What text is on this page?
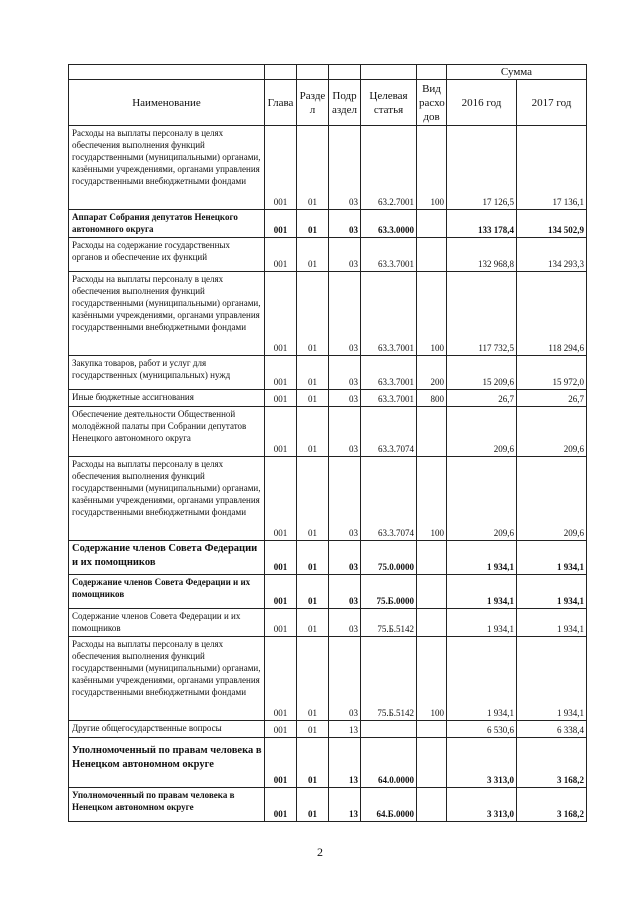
						Сумма	
Наименование	Глава	Разде л	Подр аздел	Целевая статья	Вид расхо дов	2016 год	2017 год
Расходы на выплаты персоналу в целях обеспечения выполнения функций государственными (муниципальными) органами, казёнными учреждениями, органами управления государственными внебюджетными фондами	001	01	03	63.2.7001	100	17 126,5	17 136,1
Аппарат Собрания депутатов Ненецкого автономного округа	001	01	03	63.3.0000		133 178,4	134 502,9
Расходы на содержание государственных органов и обеспечение их функций	001	01	03	63.3.7001		132 968,8	134 293,3
Расходы на выплаты персоналу в целях обеспечения выполнения функций государственными (муниципальными) органами, казёнными учреждениями, органами управления государственными внебюджетными фондами	001	01	03	63.3.7001	100	117 732,5	118 294,6
Закупка товаров, работ и услуг для государственных (муниципальных) нужд	001	01	03	63.3.7001	200	15 209,6	15 972,0
Иные бюджетные ассигнования	001	01	03	63.3.7001	800	26,7	26,7
Обеспечение деятельности Общественной молодёжной палаты при Собрании депутатов Ненецкого автономного округа	001	01	03	63.3.7074		209,6	209,6
Расходы на выплаты персоналу в целях обеспечения выполнения функций государственными (муниципальными) органами, казёнными учреждениями, органами управления государственными внебюджетными фондами	001	01	03	63.3.7074	100	209,6	209,6
Содержание членов Совета Федерации и их помощников	001	01	03	75.0.0000		1 934,1	1 934,1
Содержание членов Совета Федерации и их помощников	001	01	03	75.Б.0000		1 934,1	1 934,1
Содержание членов Совета Федерации и их помощников	001	01	03	75.Б.5142		1 934,1	1 934,1
Расходы на выплаты персоналу в целях обеспечения выполнения функций государственными (муниципальными) органами, казёнными учреждениями, органами управления государственными внебюджетными фондами	001	01	03	75.Б.5142	100	1 934,1	1 934,1
Другие общегосударственные вопросы	001	01	13			6 530,6	6 338,4
Уполномоченный по правам человека в Ненецком автономном округе	001	01	13	64.0.0000		3 313,0	3 168,2
Уполномоченный по правам человека в Ненецком автономном округе	001	01	13	64.Б.0000		3 313,0	3 168,2
2
